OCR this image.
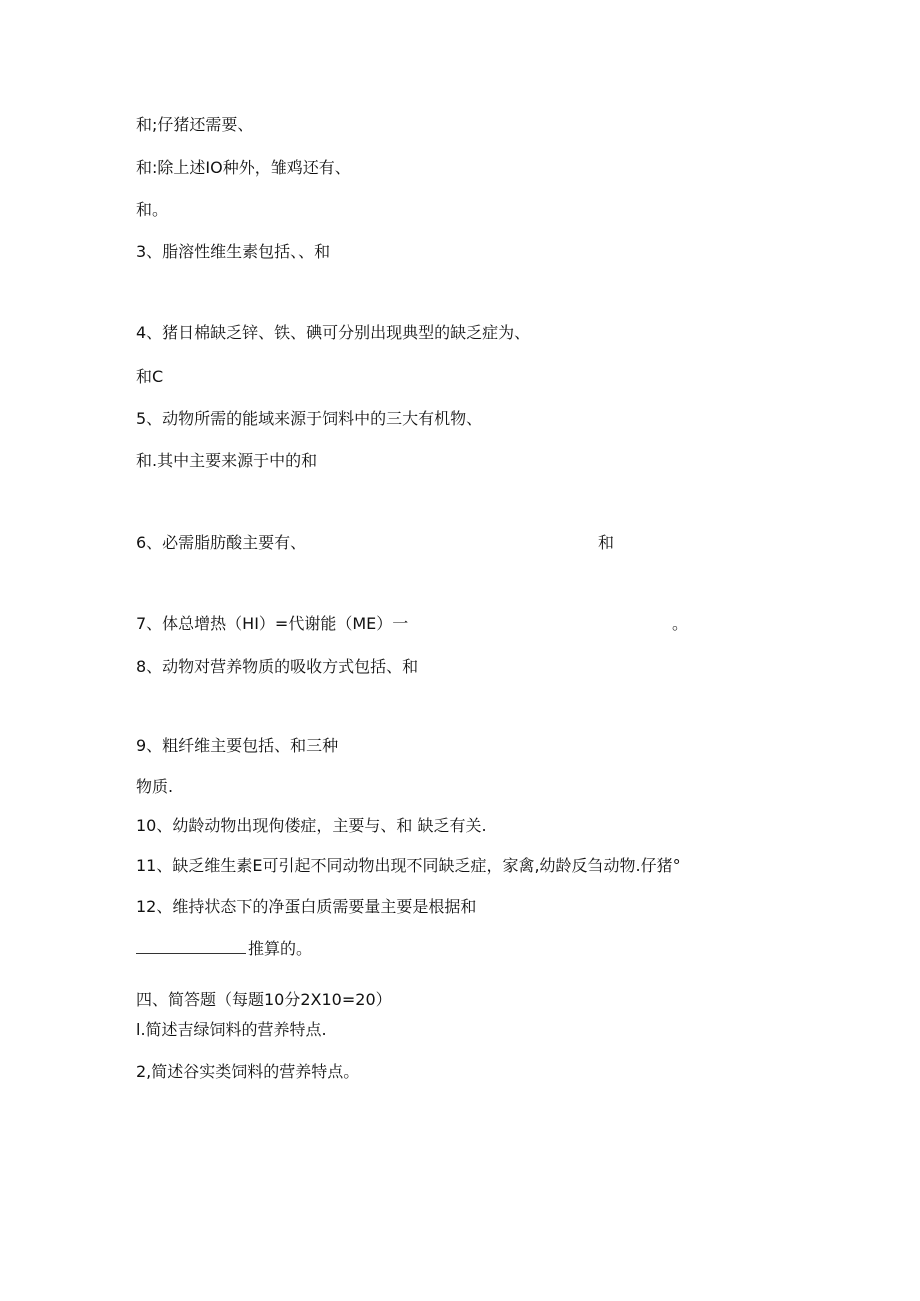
和;仔猪还需要、
和:除上述IO种外，雏鸡还有、
和。
3、脂溶性维生素包括、、和
4、猪日棉缺乏锌、铁、碘可分别出现典型的缺乏症为、
和C
5、动物所需的能域来源于饲料中的三大有机物、
和.其中主要来源于中的和
6、必需脂肪酸主要有、	和
7、体总增热（HI）=代谢能（ME）一	。
8、动物对营养物质的吸收方式包括、和
9、粗纤维主要包括、和三种
物质.
10、幼龄动物出现佝偻症，主要与、和 缺乏有关.
11、缺乏维生素E可引起不同动物出现不同缺乏症，家禽,幼龄反刍动物.仔猪°
12、维持状态下的净蛋白质需要量主要是根据和
推算的。
四、简答题（每题10分2X10=20）
l.简述吉绿饲料的营养特点.
2,简述谷实类饲料的营养特点。
